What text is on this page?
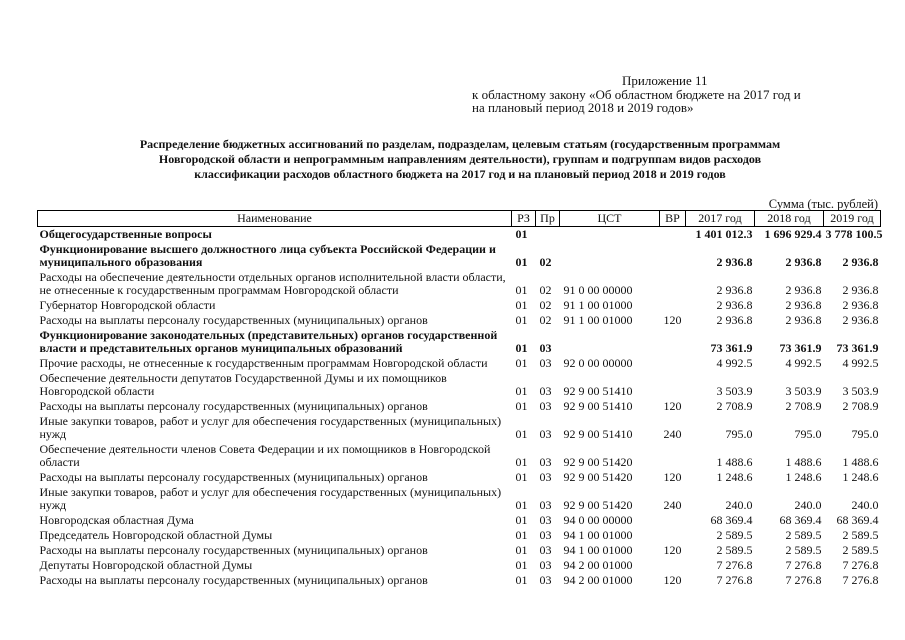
Приложение 11
к областному закону «Об областном бюджете на 2017 год и
на плановый период 2018 и 2019 годов»
Распределение бюджетных ассигнований по разделам, подразделам, целевым статьям (государственным программам
Новгородской области и непрограммным направлениям деятельности), группам и подгруппам видов расходов
классификации расходов областного бюджета на 2017 год и на плановый период 2018 и 2019 годов
Сумма (тыс. рублей)
Наименование	РЗ	Пр	ЦСТ	ВР	2017 год	2018 год	2019 год
Общегосударственные вопросы	01				1 401 012.3	1 696 929.4	3 778 100.5
Функционирование высшего должностного лица субъекта Российской Федерации и муниципального образования	01	02			2 936.8	2 936.8	2 936.8
Расходы на обеспечение деятельности отдельных органов исполнительной власти области, не отнесенные к государственным программам Новгородской области	01	02	91 0 00 00000		2 936.8	2 936.8	2 936.8
Губернатор Новгородской области	01	02	91 1 00 01000		2 936.8	2 936.8	2 936.8
Расходы на выплаты персоналу государственных (муниципальных) органов	01	02	91 1 00 01000	120	2 936.8	2 936.8	2 936.8
Функционирование законодательных (представительных) органов государственной власти и представительных органов муниципальных образований	01	03			73 361.9	73 361.9	73 361.9
Прочие расходы, не отнесенные к государственным программам Новгородской области	01	03	92 0 00 00000		4 992.5	4 992.5	4 992.5
Обеспечение деятельности депутатов Государственной Думы и их помощников Новгородской области	01	03	92 9 00 51410		3 503.9	3 503.9	3 503.9
Расходы на выплаты персоналу государственных (муниципальных) органов	01	03	92 9 00 51410	120	2 708.9	2 708.9	2 708.9
Иные закупки товаров, работ и услуг для обеспечения государственных (муниципальных) нужд	01	03	92 9 00 51410	240	795.0	795.0	795.0
Обеспечение деятельности членов Совета Федерации и их помощников в Новгородской области	01	03	92 9 00 51420		1 488.6	1 488.6	1 488.6
Расходы на выплаты персоналу государственных (муниципальных) органов	01	03	92 9 00 51420	120	1 248.6	1 248.6	1 248.6
Иные закупки товаров, работ и услуг для обеспечения государственных (муниципальных) нужд	01	03	92 9 00 51420	240	240.0	240.0	240.0
Новгородская областная Дума	01	03	94 0 00 00000		68 369.4	68 369.4	68 369.4
Председатель Новгородской областной Думы	01	03	94 1 00 01000		2 589.5	2 589.5	2 589.5
Расходы на выплаты персоналу государственных (муниципальных) органов	01	03	94 1 00 01000	120	2 589.5	2 589.5	2 589.5
Депутаты Новгородской областной Думы	01	03	94 2 00 01000		7 276.8	7 276.8	7 276.8
Расходы на выплаты персоналу государственных (муниципальных) органов	01	03	94 2 00 01000	120	7 276.8	7 276.8	7 276.8
